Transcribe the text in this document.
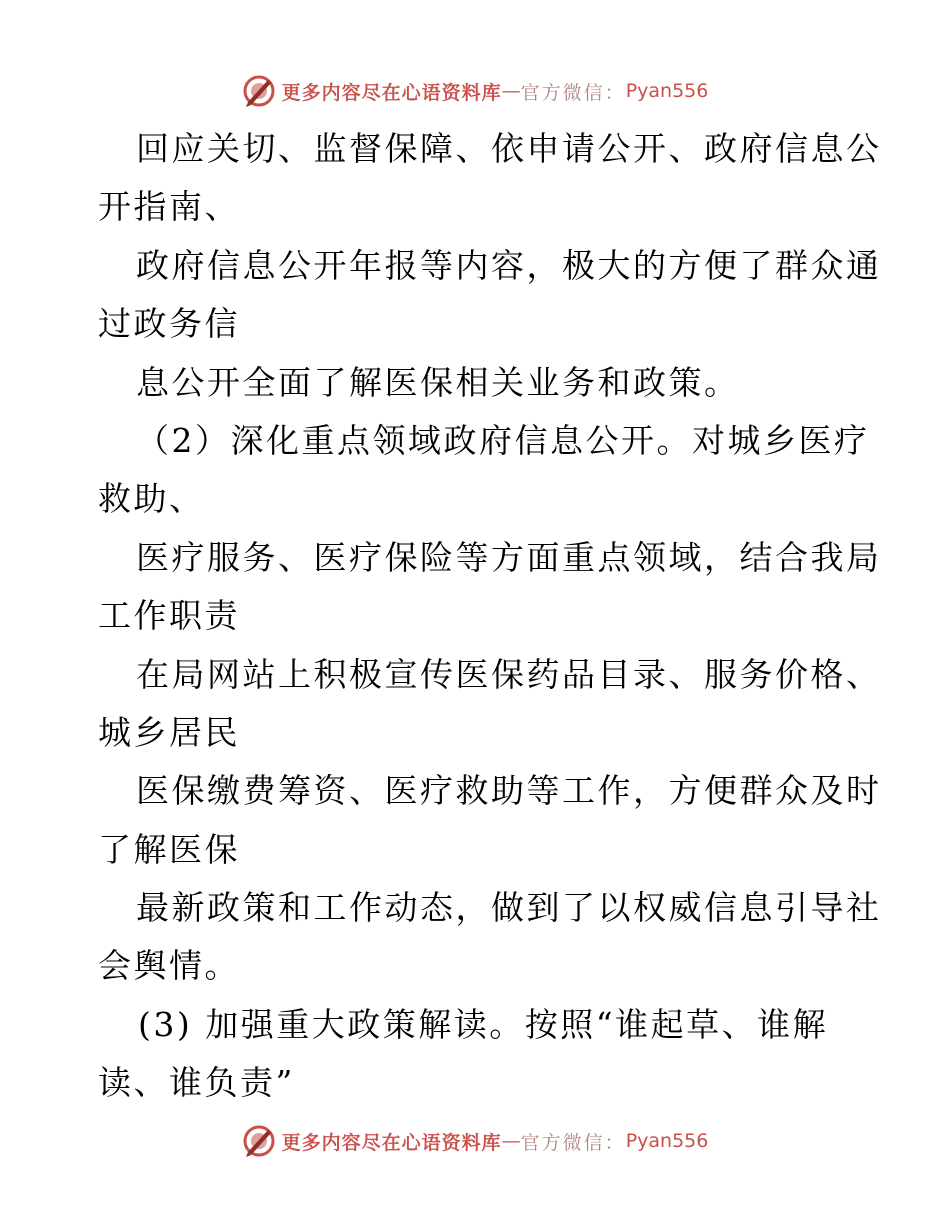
更多内容尽在心语资料库 — 官方微信： Pyan556
回应关切、监督保障、依申请公开、政府信息公
开指南、
政府信息公开年报等内容，极大的方便了群众通
过政务信
息公开全面了解医保相关业务和政策。
（2）深化重点领域政府信息公开。对城乡医疗
救助、
医疗服务、医疗保险等方面重点领域，结合我局
工作职责
在局网站上积极宣传医保药品目录、服务价格、
城乡居民
医保缴费筹资、医疗救助等工作，方便群众及时
了解医保
最新政策和工作动态，做到了以权威信息引导社
会舆情。
(3) 加强重大政策解读。按照“谁起草、谁解
读、谁负责”
更多内容尽在心语资料库 — 官方微信： Pyan556
